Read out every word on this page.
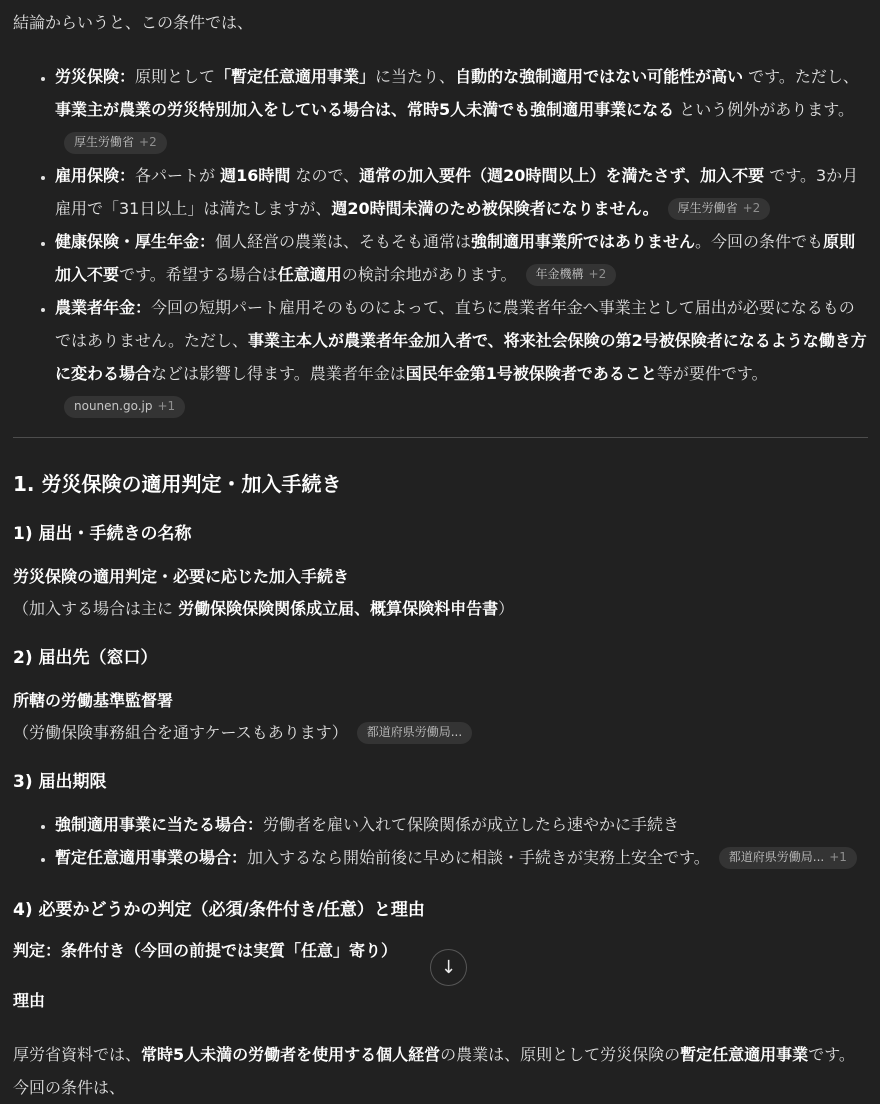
結論からいうと、この条件では、

• 労災保険：原則として「暫定任意適用事業」に当たり、自動的な強制適用ではない可能性が高い です。ただし、事業主が農業の労災特別加入をしている場合は、常時5人未満でも強制適用事業になる という例外があります。厚生労働省 +2
• 雇用保険：各パートが 週16時間 なので、通常の加入要件（週20時間以上）を満たさず、加入不要 です。3か月雇用で「31日以上」は満たしますが、週20時間未満のため被保険者になりません。 厚生労働省 +2
• 健康保険・厚生年金：個人経営の農業は、そもそも通常は強制適用事業所ではありません。今回の条件でも原則加入不要です。希望する場合は任意適用の検討余地があります。 年金機構 +2
• 農業者年金：今回の短期パート雇用そのものによって、直ちに農業者年金へ事業主として届出が必要になるものではありません。ただし、事業主本人が農業者年金加入者で、将来社会保険の第2号被保険者になるような働き方に変わる場合などは影響し得ます。農業者年金は国民年金第1号被保険者であること等が要件です。nounen.go.jp +1
1. 労災保険の適用判定・加入手続き
1) 届出・手続きの名称

労災保険の適用判定・必要に応じた加入手続き

（加入する場合は主に 労働保険保険関係成立届、概算保険料申告書）

2) 届出先（窓口）

所轄の労働基準監督署

（労働保険事務組合を通すケースもあります） 都道府県労働局...

3) 届出期限
• 強制適用事業に当たる場合：労働者を雇い入れて保険関係が成立したら速やかに手続き
• 暫定任意適用事業の場合：加入するなら開始前後に早めに相談・手続きが実務上安全です。 都道府県労働局... +1
4) 必要かどうかの判定（必須/条件付き/任意）と理由

判定：条件付き（今回の前提では実質「任意」寄り）

理由

厚労省資料では、常時5人未満の労働者を使用する個人経営の農業は、原則として労災保険の暫定任意適用事業です。今回の条件は、

↓
